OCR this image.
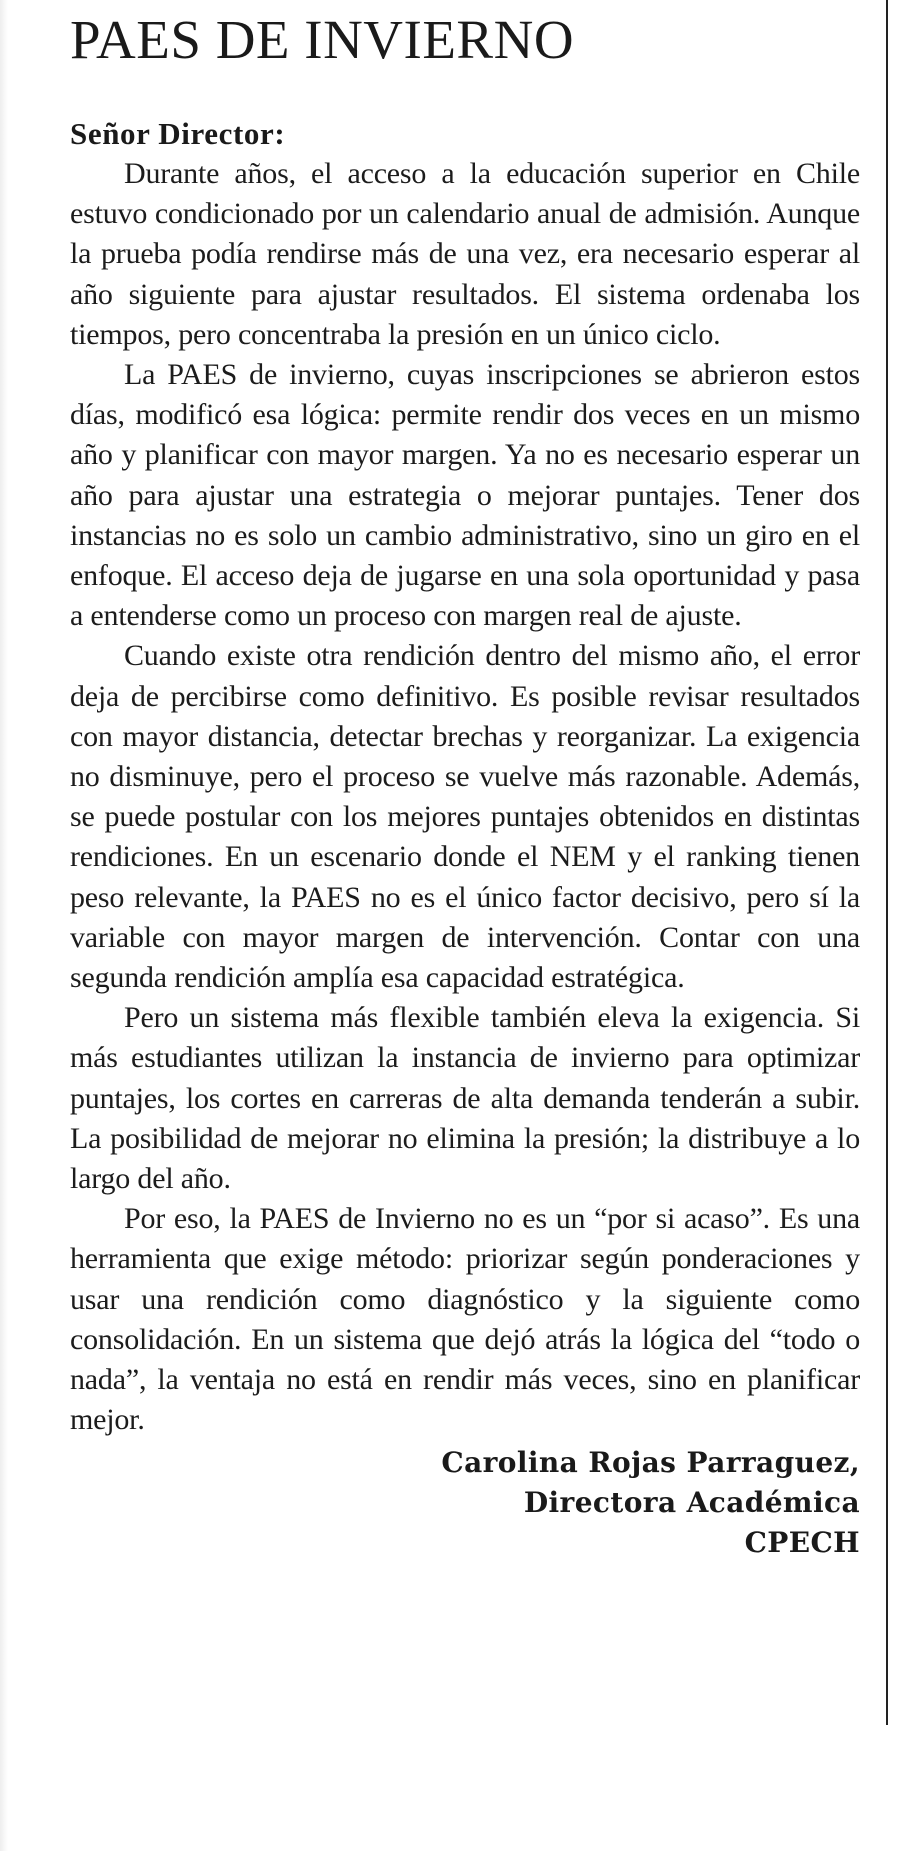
PAES DE INVIERNO
Señor Director:

Durante años, el acceso a la educación superior en Chile estuvo condicionado por un calendario anual de admisión. Aunque la prueba podía rendirse más de una vez, era necesario esperar al año siguiente para ajustar resultados. El sistema ordenaba los tiempos, pero concentraba la presión en un único ciclo.

La PAES de invierno, cuyas inscripciones se abrieron estos días, modificó esa lógica: permite rendir dos veces en un mismo año y planificar con mayor margen. Ya no es necesario esperar un año para ajustar una estrategia o mejorar puntajes. Tener dos instancias no es solo un cambio administrativo, sino un giro en el enfoque. El acceso deja de jugarse en una sola oportunidad y pasa a entenderse como un proceso con margen real de ajuste.

Cuando existe otra rendición dentro del mismo año, el error deja de percibirse como definitivo. Es posible revisar resultados con mayor distancia, detectar brechas y reorganizar. La exigencia no disminuye, pero el proceso se vuelve más razonable. Además, se puede postular con los mejores puntajes obtenidos en distintas rendiciones. En un escenario donde el NEM y el ranking tienen peso relevante, la PAES no es el único factor decisivo, pero sí la variable con mayor margen de intervención. Contar con una segunda rendición amplía esa capacidad estratégica.

Pero un sistema más flexible también eleva la exigencia. Si más estudiantes utilizan la instancia de invierno para optimizar puntajes, los cortes en carreras de alta demanda tenderán a subir. La posibilidad de mejorar no elimina la presión; la distribuye a lo largo del año.

Por eso, la PAES de Invierno no es un “por si acaso”. Es una herramienta que exige método: priorizar según ponderaciones y usar una rendición como diagnóstico y la siguiente como consolidación. En un sistema que dejó atrás la lógica del “todo o nada”, la ventaja no está en rendir más veces, sino en planificar mejor.

Carolina Rojas Parraguez,
Directora Académica
CPECH
